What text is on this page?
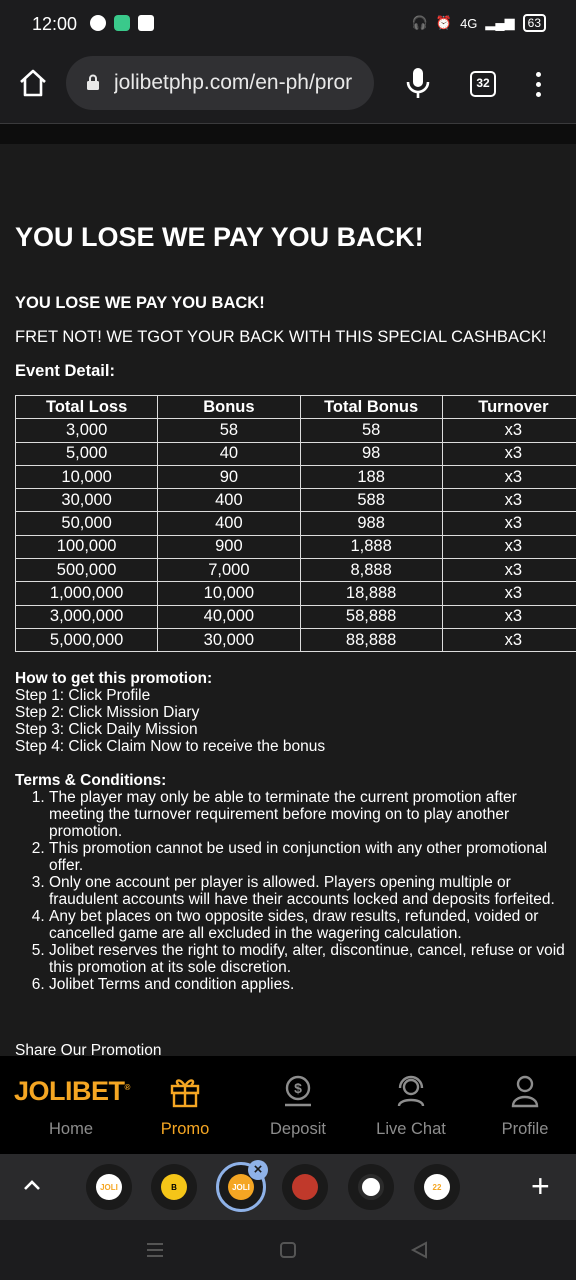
12:00	🎧 ⏰ 4G ▂▄▆	63
jolibetphp.com/en-ph/pror	32
YOU LOSE WE PAY YOU BACK!
YOU LOSE WE PAY YOU BACK!
FRET NOT! WE TGOT YOUR BACK WITH THIS SPECIAL CASHBACK!
Event Detail:
Total Loss	Bonus	Total Bonus	Turnover
3,000	58	58	x3
5,000	40	98	x3
10,000	90	188	x3
30,000	400	588	x3
50,000	400	988	x3
100,000	900	1,888	x3
500,000	7,000	8,888	x3
1,000,000	10,000	18,888	x3
3,000,000	40,000	58,888	x3
5,000,000	30,000	88,888	x3
How to get this promotion:
Step 1: Click Profile
Step 2: Click Mission Diary
Step 3: Click Daily Mission
Step 4: Click Claim Now to receive the bonus
Terms & Conditions:
1. The player may only be able to terminate the current promotion after meeting the turnover requirement before moving on to play another promotion.
2. This promotion cannot be used in conjunction with any other promotional offer.
3. Only one account per player is allowed. Players opening multiple or fraudulent accounts will have their accounts locked and deposits forfeited.
4. Any bet places on two opposite sides, draw results, refunded, voided or cancelled game are all excluded in the wagering calculation.
5. Jolibet reserves the right to modify, alter, discontinue, cancel, refuse or void this promotion at its sole discretion.
6. Jolibet Terms and condition applies.
Share Our Promotion
JOLIBET®
Home	Promo
$
Deposit	Live Chat	Profile
JOLI	B	JOLI
×
22	+
